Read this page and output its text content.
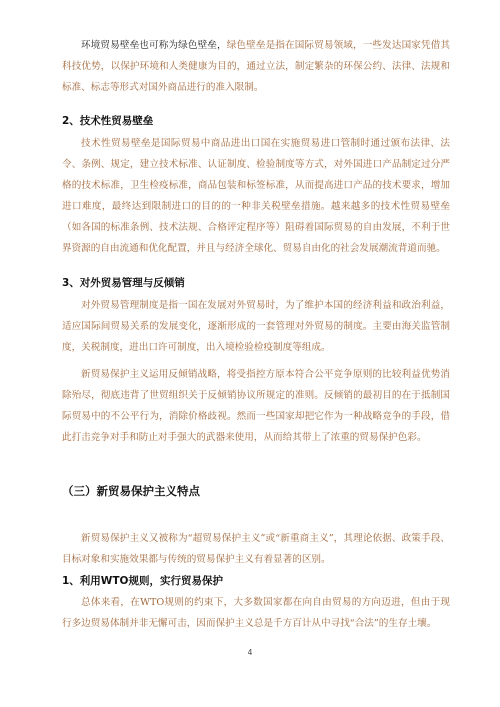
环境贸易壁垒也可称为绿色壁垒，绿色壁垒是指在国际贸易领域，一些发达国家凭借其科技优势，以保护环境和人类健康为目的，通过立法，制定繁杂的环保公约、法律、法规和标准、标志等形式对国外商品进行的准入限制。

2、技术性贸易壁垒

技术性贸易壁垒是国际贸易中商品进出口国在实施贸易进口管制时通过颁布法律、法令、条例、规定，建立技术标准、认证制度、检验制度等方式，对外国进口产品制定过分严格的技术标准，卫生检疫标准，商品包装和标签标准，从而提高进口产品的技术要求，增加进口难度，最终达到限制进口的目的的一种非关税壁垒措施。越来越多的技术性贸易壁垒（如各国的标准条例、技术法规、合格评定程序等）阻碍着国际贸易的自由发展，不利于世界资源的自由流通和优化配置，并且与经济全球化、贸易自由化的社会发展潮流背道而驰。

3、对外贸易管理与反倾销

对外贸易管理制度是指一国在发展对外贸易时，为了维护本国的经济利益和政治利益，适应国际间贸易关系的发展变化，逐渐形成的一套管理对外贸易的制度。主要由海关监管制度，关税制度，进出口许可制度，出入境检验检疫制度等组成。

新贸易保护主义运用反倾销战略，将受指控方原本符合公平竞争原则的比较利益优势消除殆尽，彻底违背了世贸组织关于反倾销协议所规定的准则。反倾销的最初目的在于抵制国际贸易中的不公平行为，消除价格歧视。然而一些国家却把它作为一种战略竞争的手段，借此打击竞争对手和防止对手强大的武器来使用，从而给其带上了浓重的贸易保护色彩。

（三）新贸易保护主义特点

新贸易保护主义又被称为“超贸易保护主义”或“新重商主义”，其理论依据、政策手段、目标对象和实施效果都与传统的贸易保护主义有着显著的区别。

1、利用WTO规则，实行贸易保护

总体来看，在WTO规则的约束下，大多数国家都在向自由贸易的方向迈进，但由于现行多边贸易体制并非无懈可击，因而保护主义总是千方百计从中寻找“合法”的生存土壤。

4
